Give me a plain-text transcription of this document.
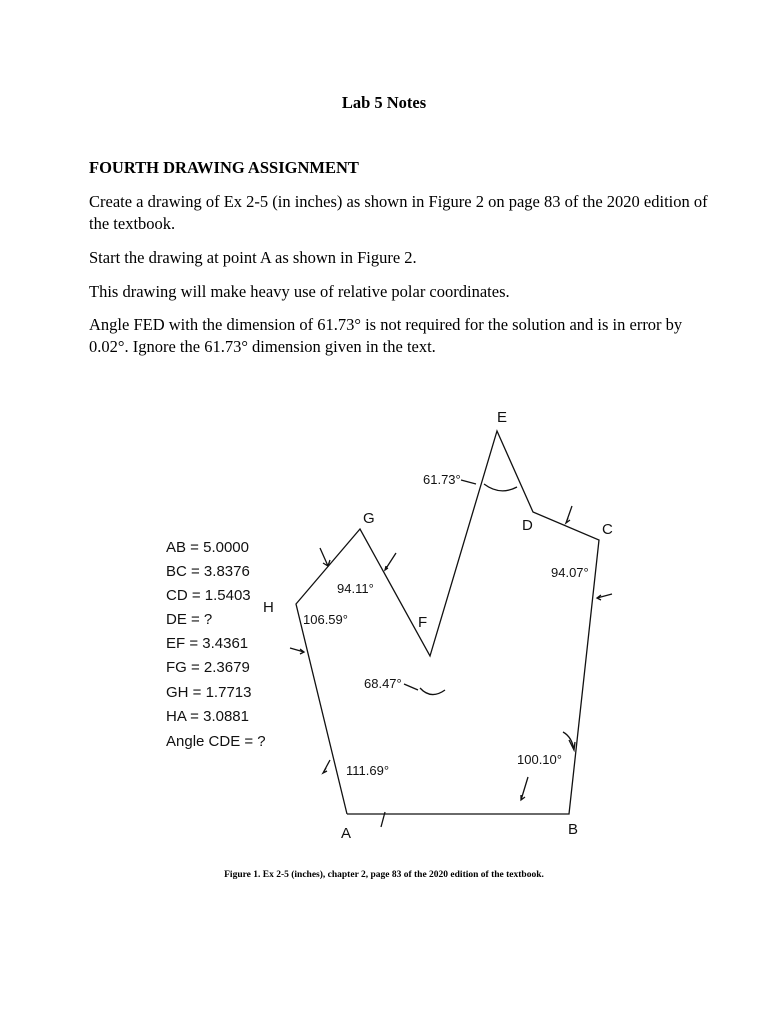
Lab 5 Notes
FOURTH DRAWING ASSIGNMENT

Create a drawing of Ex 2-5 (in inches) as shown in Figure 2 on page 83 of the 2020 edition of the textbook.

Start the drawing at point A as shown in Figure 2.

This drawing will make heavy use of relative polar coordinates.

Angle FED with the dimension of 61.73° is not required for the solution and is in error by 0.02°. Ignore the 61.73° dimension given in the text.

A	B
C
D
E
F
G
H
61.73°
94.07°
94.11°
106.59°
68.47°
100.10°
111.69°
AB = 5.0000
BC = 3.8376
CD = 1.5403
DE = ?
EF = 3.4361
FG = 2.3679
GH = 1.7713
HA = 3.0881
Angle CDE = ?
Figure 1. Ex 2-5 (inches), chapter 2, page 83 of the 2020 edition of the textbook.
